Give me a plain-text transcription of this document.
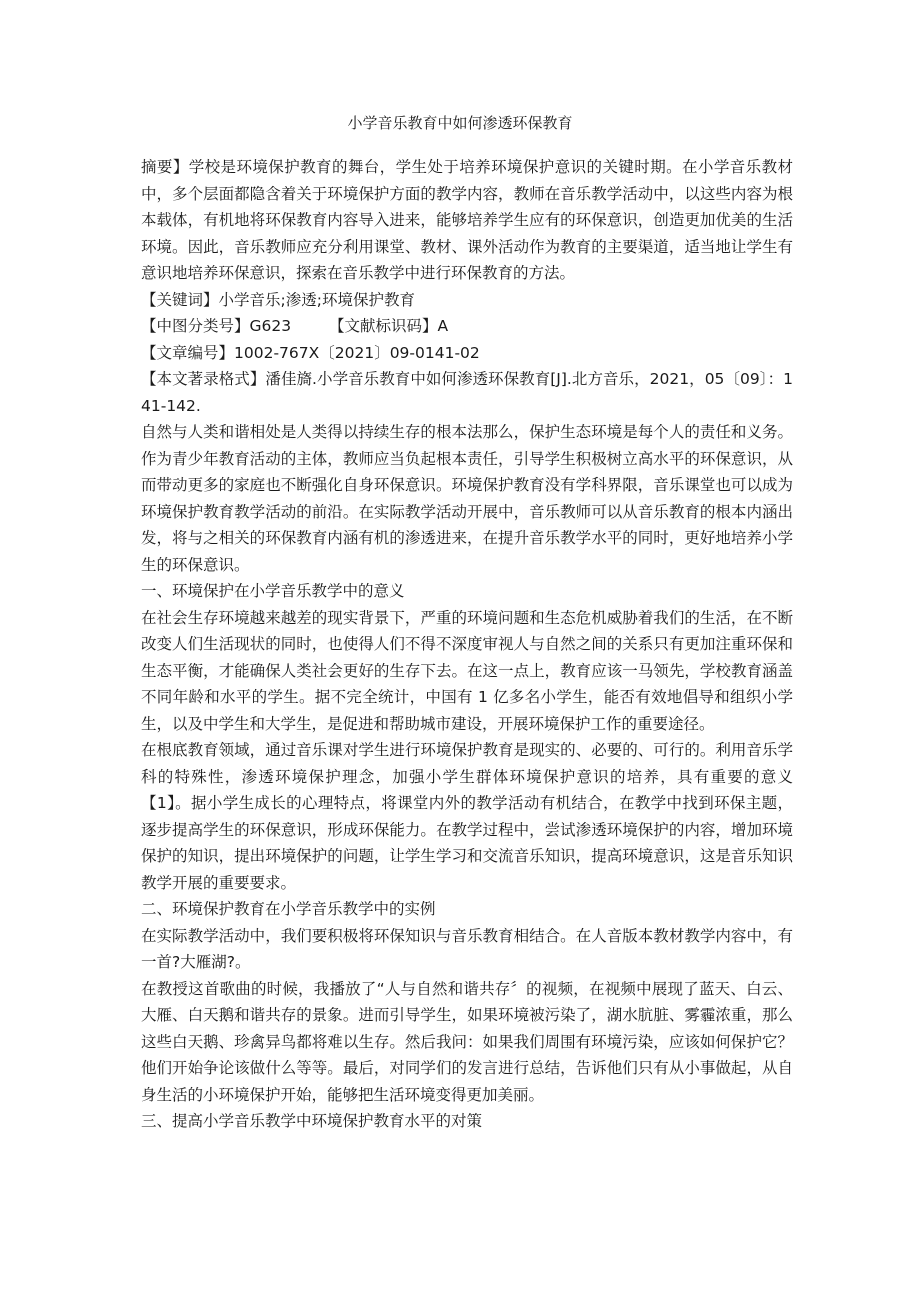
小学音乐教育中如何渗透环保教育

摘要】学校是环境保护教育的舞台，学生处于培养环境保护意识的关键时期。在小学音乐教材中，多个层面都隐含着关于环境保护方面的教学内容，教师在音乐教学活动中，以这些内容为根本载体，有机地将环保教育内容导入进来，能够培养学生应有的环保意识，创造更加优美的生活环境。因此，音乐教师应充分利用课堂、教材、课外活动作为教育的主要渠道，适当地让学生有意识地培养环保意识，探索在音乐教学中进行环保教育的方法。

【关键词】小学音乐;渗透;环境保护教育

【中图分类号】G623 【文献标识码】A【文章编号】1002-767X〔2021〕09-0141-02

【本文著录格式】潘佳旖.小学音乐教育中如何渗透环保教育[J].北方音乐，2021，05〔09〕：141-142.

自然与人类和谐相处是人类得以持续生存的根本法那么，保护生态环境是每个人的责任和义务。作为青少年教育活动的主体，教师应当负起根本责任，引导学生积极树立高水平的环保意识，从而带动更多的家庭也不断强化自身环保意识。环境保护教育没有学科界限，音乐课堂也可以成为环境保护教育教学活动的前沿。在实际教学活动开展中，音乐教师可以从音乐教育的根本内涵出发，将与之相关的环保教育内涵有机的渗透进来，在提升音乐教学水平的同时，更好地培养小学生的环保意识。

一、环境保护在小学音乐教学中的意义

在社会生存环境越来越差的现实背景下，严重的环境问题和生态危机威胁着我们的生活，在不断改变人们生活现状的同时，也使得人们不得不深度审视人与自然之间的关系只有更加注重环保和生态平衡，才能确保人类社会更好的生存下去。在这一点上，教育应该一马领先，学校教育涵盖不同年龄和水平的学生。据不完全统计，中国有 1 亿多名小学生，能否有效地倡导和组织小学生，以及中学生和大学生，是促进和帮助城市建设，开展环境保护工作的重要途径。

在根底教育领域，通过音乐课对学生进行环境保护教育是现实的、必要的、可行的。利用音乐学科的特殊性，渗透环境保护理念，加强小学生群体环境保护意识的培养，具有重要的意义【1】。据小学生成长的心理特点，将课堂内外的教学活动有机结合，在教学中找到环保主题，逐步提高学生的环保意识，形成环保能力。在教学过程中，尝试渗透环境保护的内容，增加环境保护的知识，提出环境保护的问题，让学生学习和交流音乐知识，提高环境意识，这是音乐知识教学开展的重要要求。

二、环境保护教育在小学音乐教学中的实例

在实际教学活动中，我们要积极将环保知识与音乐教育相结合。在人音版本教材教学内容中，有一首?大雁湖?。

在教授这首歌曲的时候，我播放了“人与自然和谐共存〞的视频，在视频中展现了蓝天、白云、大雁、白天鹅和谐共存的景象。进而引导学生，如果环境被污染了，湖水肮脏、雾霾浓重，那么这些白天鹅、珍禽异鸟都将难以生存。然后我问：如果我们周围有环境污染，应该如何保护它？他们开始争论该做什么等等。最后，对同学们的发言进行总结，告诉他们只有从小事做起，从自身生活的小环境保护开始，能够把生活环境变得更加美丽。

三、提高小学音乐教学中环境保护教育水平的对策
